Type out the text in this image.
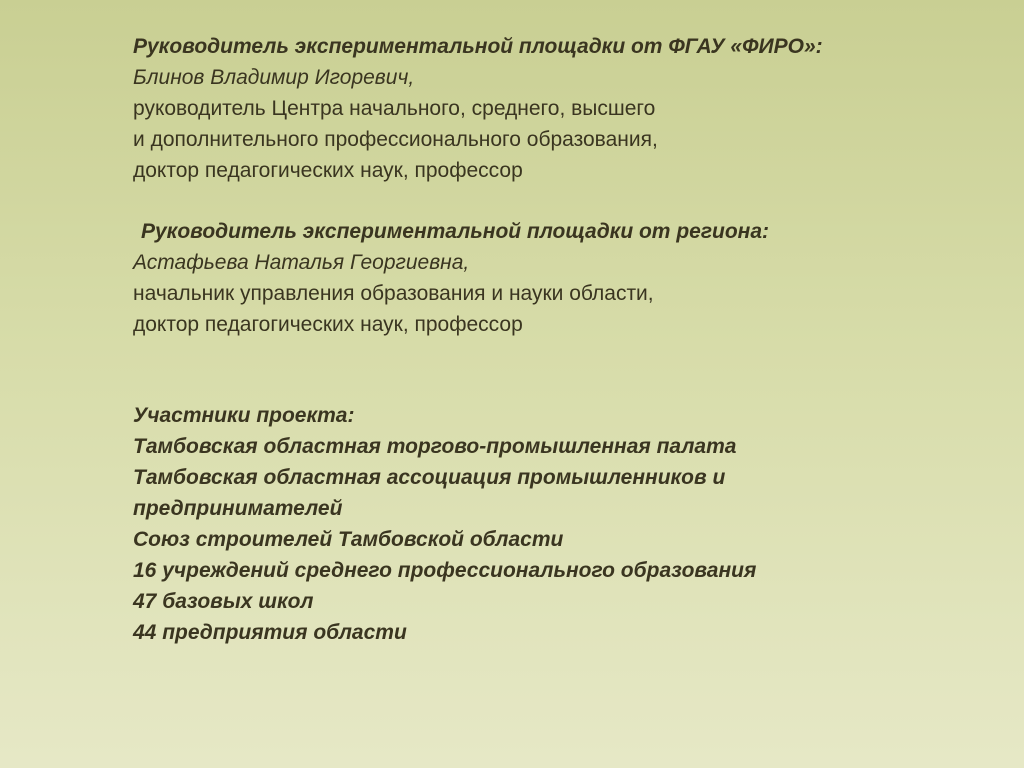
Руководитель экспериментальной площадки от ФГАУ «ФИРО»:
Блинов Владимир Игоревич,
руководитель Центра начального, среднего, высшего
и дополнительного профессионального образования,
доктор педагогических наук, профессор
Руководитель экспериментальной площадки от региона:
Астафьева Наталья Георгиевна,
начальник управления образования и науки области,
доктор педагогических наук, профессор
Участники проекта:
Тамбовская областная торгово-промышленная палата
Тамбовская областная ассоциация промышленников и
предпринимателей
Союз строителей Тамбовской области
16 учреждений среднего профессионального образования
47 базовых школ
44 предприятия области
